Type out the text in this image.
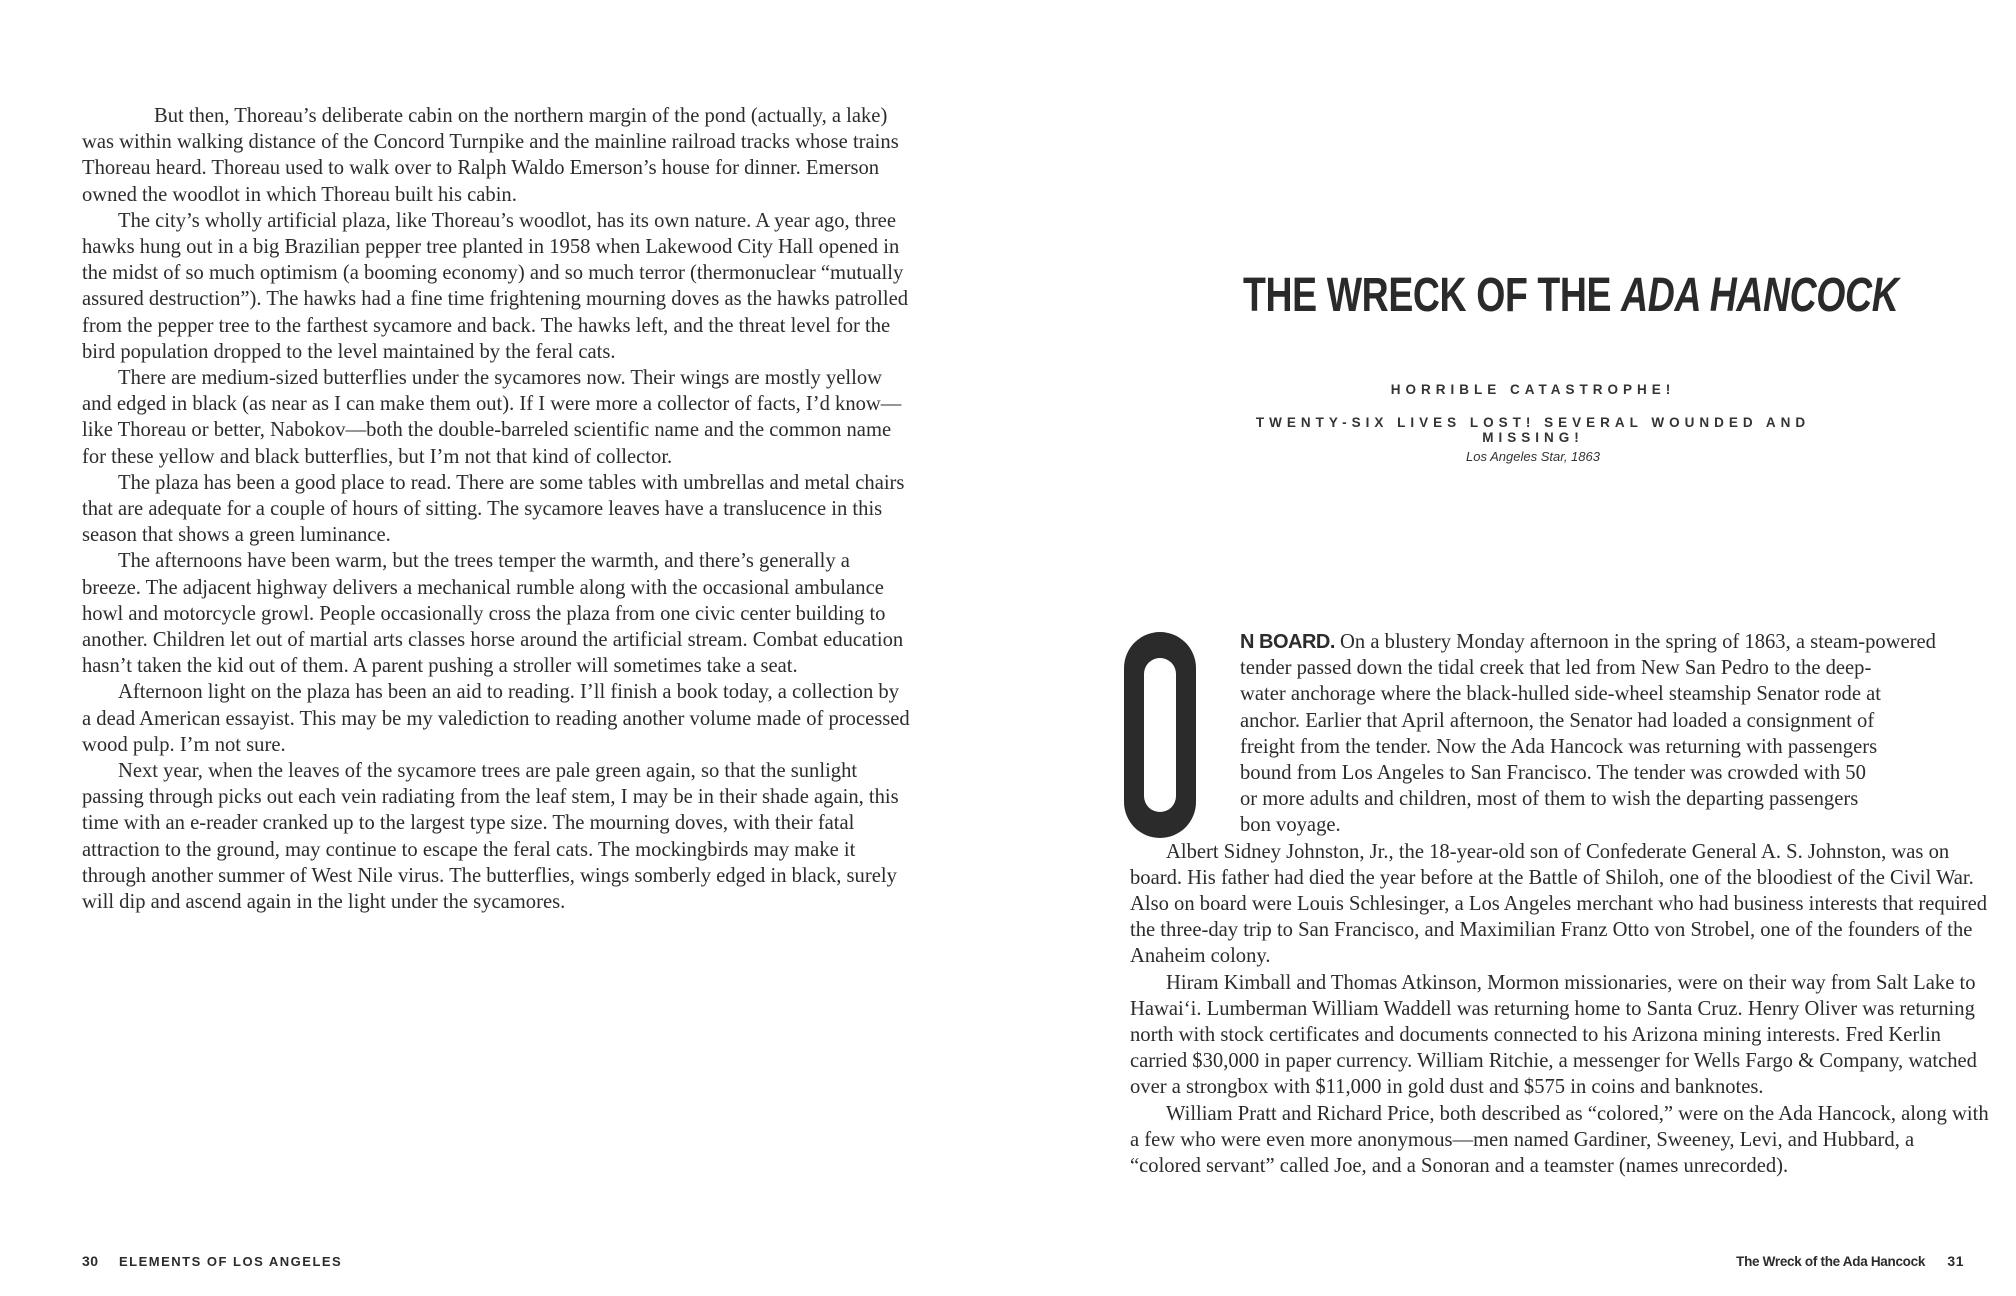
But then, Thoreau’s deliberate cabin on the northern margin of the pond (actually, a lake) was within walking distance of the Concord Turnpike and the mainline railroad tracks whose trains Thoreau heard. Thoreau used to walk over to Ralph Waldo Emerson’s house for dinner. Emerson owned the woodlot in which Thoreau built his cabin.

The city’s wholly artificial plaza, like Thoreau’s woodlot, has its own nature. A year ago, three hawks hung out in a big Brazilian pepper tree planted in 1958 when Lakewood City Hall opened in the midst of so much optimism (a booming economy) and so much terror (thermonuclear “mutually assured destruction”). The hawks had a fine time frightening mourning doves as the hawks patrolled from the pepper tree to the farthest sycamore and back. The hawks left, and the threat level for the bird population dropped to the level maintained by the feral cats.

There are medium-sized butterflies under the sycamores now. Their wings are mostly yellow and edged in black (as near as I can make them out). If I were more a collector of facts, I’d know—like Thoreau or better, Nabokov—both the double-barreled scientific name and the common name for these yellow and black butterflies, but I’m not that kind of collector.

The plaza has been a good place to read. There are some tables with umbrellas and metal chairs that are adequate for a couple of hours of sitting. The sycamore leaves have a translucence in this season that shows a green luminance.

The afternoons have been warm, but the trees temper the warmth, and there’s generally a breeze. The adjacent highway delivers a mechanical rumble along with the occasional ambulance howl and motorcycle growl. People occasionally cross the plaza from one civic center building to another. Children let out of martial arts classes horse around the artificial stream. Combat education hasn’t taken the kid out of them. A parent pushing a stroller will sometimes take a seat.

Afternoon light on the plaza has been an aid to reading. I’ll finish a book today, a collection by a dead American essayist. This may be my valediction to reading another volume made of processed wood pulp. I’m not sure.

Next year, when the leaves of the sycamore trees are pale green again, so that the sunlight passing through picks out each vein radiating from the leaf stem, I may be in their shade again, this time with an e-reader cranked up to the largest type size. The mourning doves, with their fatal attraction to the ground, may continue to escape the feral cats. The mockingbirds may make it through another summer of West Nile virus. The butterflies, wings somberly edged in black, surely will dip and ascend again in the light under the sycamores.

30 ELEMENTS OF LOS ANGELES
THE WRECK OF THE ADA HANCOCK
HORRIBLE CATASTROPHE!
TWENTY-SIX LIVES LOST! SEVERAL WOUNDED AND MISSING!
Los Angeles Star, 1863

N BOARD. On a blustery Monday afternoon in the spring of 1863, a steam-powered
tender passed down the tidal creek that led from New San Pedro to the deep-
water anchorage where the black-hulled side-wheel steamship Senator rode at
anchor. Earlier that April afternoon, the Senator had loaded a consignment of
freight from the tender. Now the Ada Hancock was returning with passengers
bound from Los Angeles to San Francisco. The tender was crowded with 50
or more adults and children, most of them to wish the departing passengers
bon voyage.

Albert Sidney Johnston, Jr., the 18-year-old son of Confederate General A. S. Johnston, was on board. His father had died the year before at the Battle of Shiloh, one of the bloodiest of the Civil War. Also on board were Louis Schlesinger, a Los Angeles merchant who had business interests that required the three-day trip to San Francisco, and Maximilian Franz Otto von Strobel, one of the founders of the Anaheim colony.

Hiram Kimball and Thomas Atkinson, Mormon missionaries, were on their way from Salt Lake to Hawai‘i. Lumberman William Waddell was returning home to Santa Cruz. Henry Oliver was returning north with stock certificates and documents connected to his Arizona mining interests. Fred Kerlin carried $30,000 in paper currency. William Ritchie, a messenger for Wells Fargo & Company, watched over a strongbox with $11,000 in gold dust and $575 in coins and banknotes.

William Pratt and Richard Price, both described as “colored,” were on the Ada Hancock, along with a few who were even more anonymous—men named Gardiner, Sweeney, Levi, and Hubbard, a “colored servant” called Joe, and a Sonoran and a teamster (names unrecorded).

The Wreck of the Ada Hancock 31
